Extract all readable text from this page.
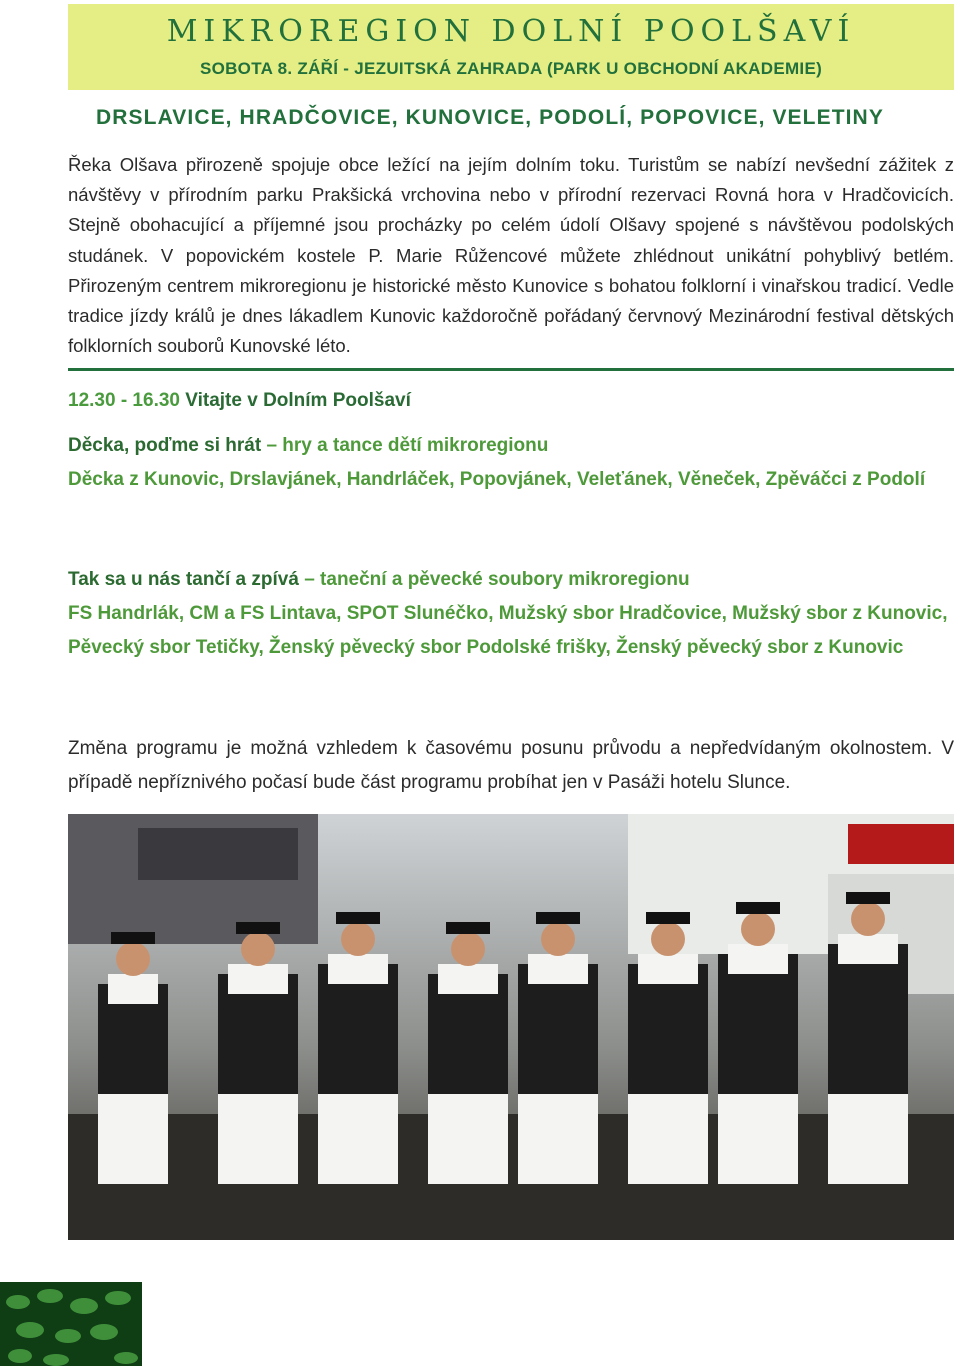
MIKROREGION DOLNÍ POOLŠAVÍ
SOBOTA 8. ZÁŘÍ - JEZUITSKÁ ZAHRADA (PARK U OBCHODNÍ AKADEMIE)
DRSLAVICE, HRADČOVICE, KUNOVICE, PODOLÍ, POPOVICE, VELETINY

Řeka Olšava přirozeně spojuje obce ležící na jejím dolním toku. Turistům se nabízí nevšední zážitek z návštěvy v přírodním parku Prakšická vrchovina nebo v přírodní rezervaci Rovná hora v Hradčovicích. Stejně obohacující a příjemné jsou procházky po celém údolí Olšavy spojené s návštěvou podolských studánek. V popovickém kostele P. Marie Růžencové můžete zhlédnout unikátní pohyblivý betlém. Přirozeným centrem mikroregionu je historické město Kunovice s bohatou folklorní i vinařskou tradicí. Vedle tradice jízdy králů je dnes lákadlem Kunovic každoročně pořádaný červnový Mezinárodní festival dětských folklorních souborů Kunovské léto.

12.30 - 16.30 Vitajte v Dolním Poolšaví

Děcka, poďme si hrát – hry a tance dětí mikroregionu

Děcka z Kunovic, Drslavjánek, Handrláček, Popovjánek, Veleťánek, Věneček, Zpěváčci z Podolí

Tak sa u nás tančí a zpívá – taneční a pěvecké soubory mikroregionu

FS Handrlák, CM a FS Lintava, SPOT Slunéčko, Mužský sbor Hradčovice, Mužský sbor z Kunovic, Pěvecký sbor Tetičky, Ženský pěvecký sbor Podolské frišky, Ženský pěvecký sbor z Kunovic

Změna programu je možná vzhledem k časovému posunu průvodu a nepředvídaným okolnostem. V případě nepříznivého počasí bude část programu probíhat jen v Pasáži hotelu Slunce.
